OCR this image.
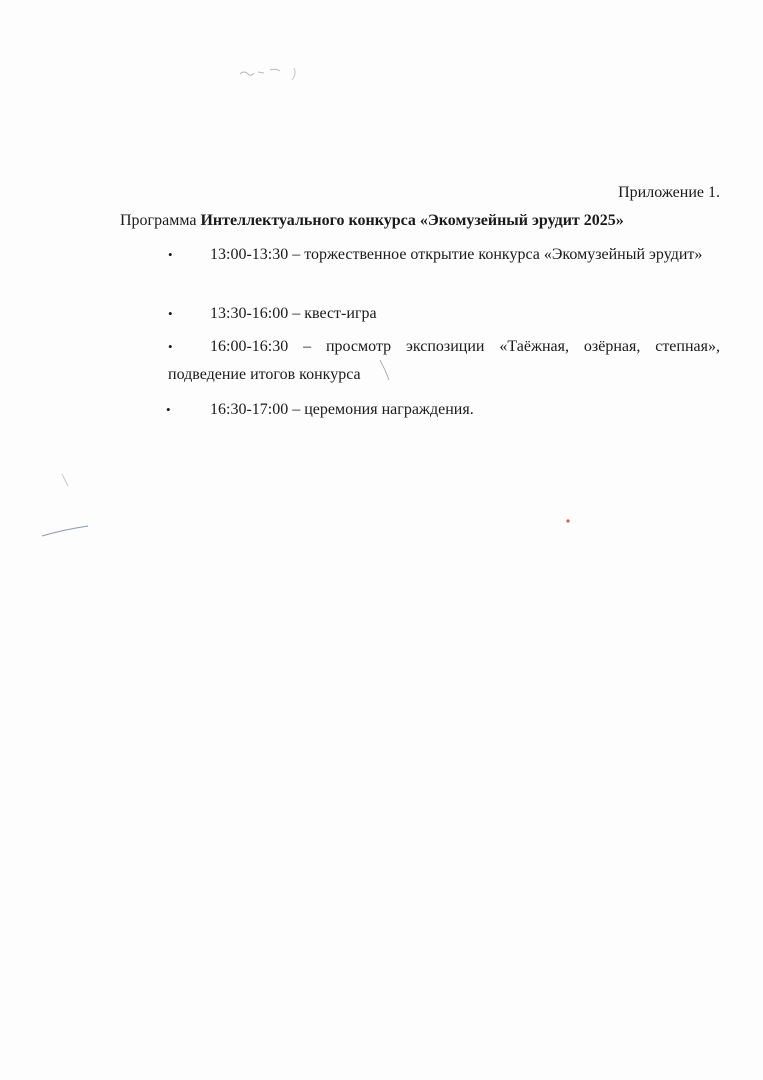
Приложение 1.
Программа Интеллектуального конкурса «Экомузейный эрудит 2025»
•	13:00-13:30 – торжественное открытие конкурса «Экомузейный эрудит»
•	13:30-16:00 – квест-игра
•	16:00-16:30 – просмотр экспозиции «Таёжная, озёрная, степная», подведение итогов конкурса
•	16:30-17:00 – церемония награждения.
